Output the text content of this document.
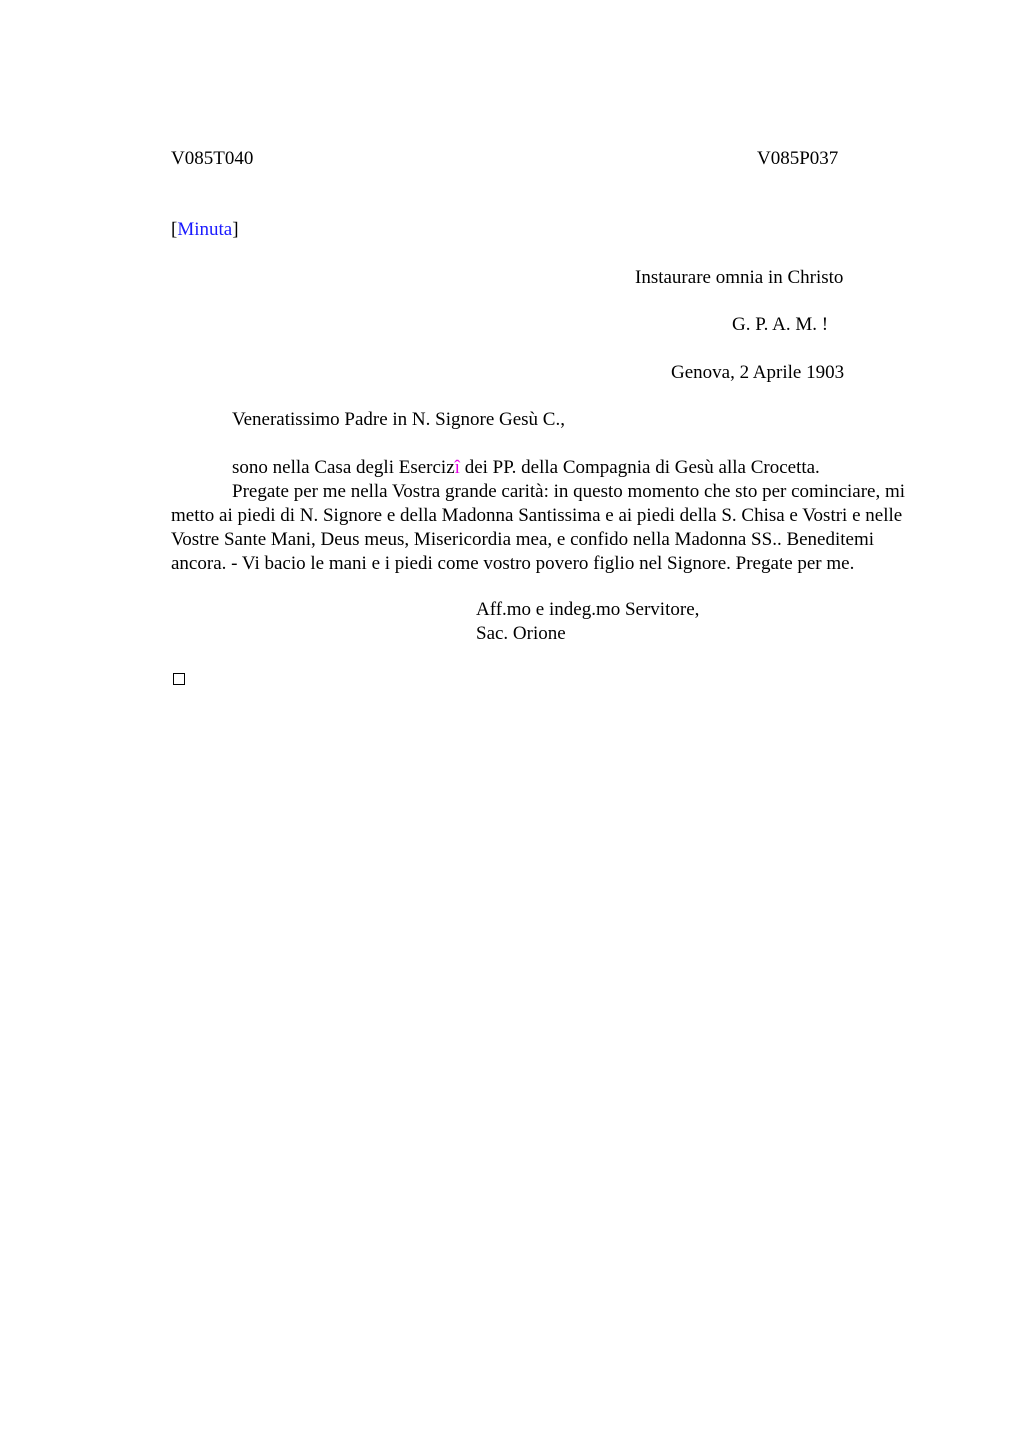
V085T040	V085P037
[Minuta]
Instaurare omnia in Christo
G. P. A. M. !
Genova, 2 Aprile 1903
Veneratissimo Padre in N. Signore Gesù C.,

sono nella Casa degli Esercizî dei PP. della Compagnia di Gesù alla Crocetta.

Pregate per me nella Vostra grande carità: in questo momento che sto per cominciare, mi metto ai piedi di N. Signore e della Madonna Santissima e ai piedi della S. Chisa e Vostri e nelle Vostre Sante Mani, Deus meus, Misericordia mea, e confido nella Madonna SS.. Beneditemi ancora. - Vi bacio le mani e i piedi come vostro povero figlio nel Signore. Pregate per me.

Aff.mo e indeg.mo Servitore,
Sac. Orione
